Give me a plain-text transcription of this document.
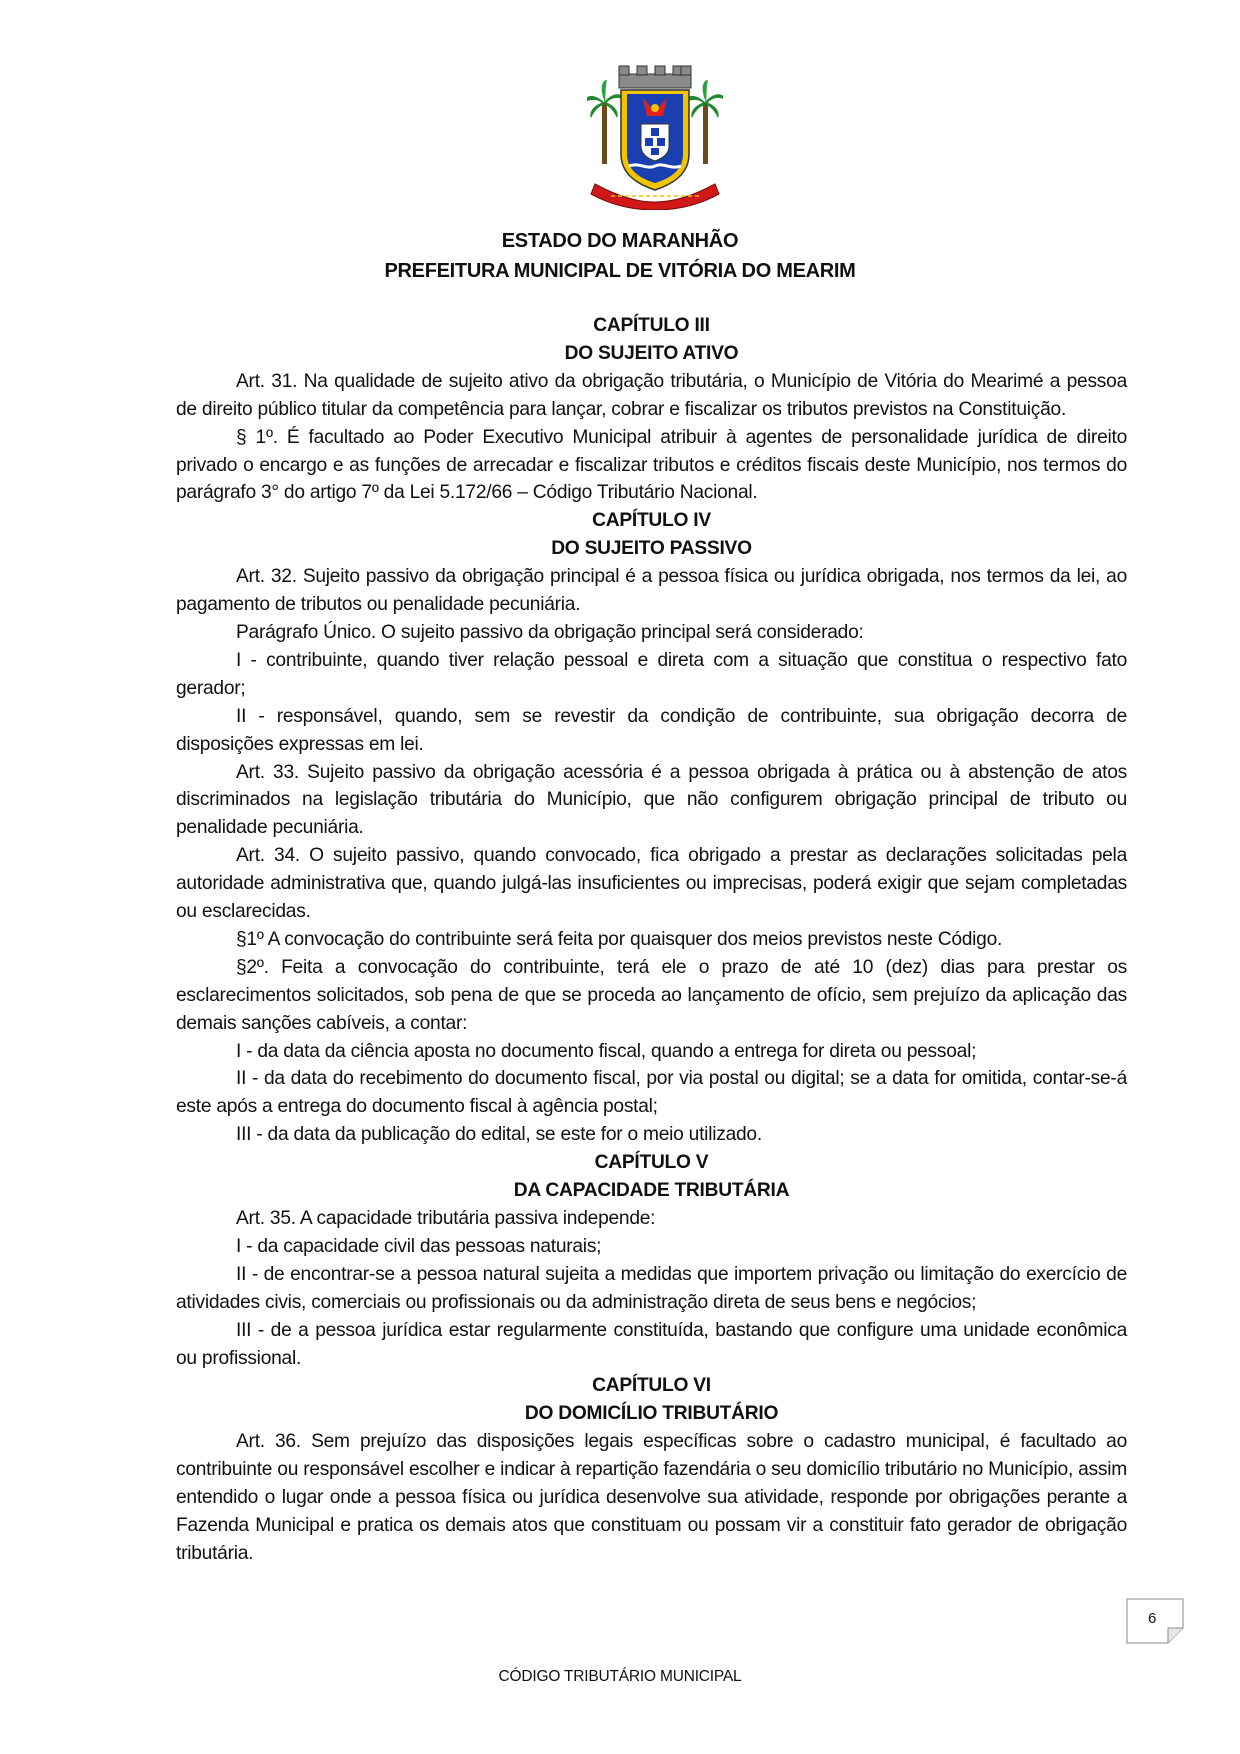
ESTADO DO MARANHÃO
PREFEITURA MUNICIPAL DE VITÓRIA DO MEARIM

CAPÍTULO III

DO SUJEITO ATIVO

Art. 31. Na qualidade de sujeito ativo da obrigação tributária, o Município de Vitória do Mearimé a pessoa de direito público titular da competência para lançar, cobrar e fiscalizar os tributos previstos na Constituição.

§ 1º. É facultado ao Poder Executivo Municipal atribuir à agentes de personalidade jurídica de direito privado o encargo e as funções de arrecadar e fiscalizar tributos e créditos fiscais deste Município, nos termos do parágrafo 3° do artigo 7º da Lei 5.172/66 – Código Tributário Nacional.

CAPÍTULO IV

DO SUJEITO PASSIVO

Art. 32. Sujeito passivo da obrigação principal é a pessoa física ou jurídica obrigada, nos termos da lei, ao pagamento de tributos ou penalidade pecuniária.

Parágrafo Único. O sujeito passivo da obrigação principal será considerado:

I - contribuinte, quando tiver relação pessoal e direta com a situação que constitua o respectivo fato gerador;

II - responsável, quando, sem se revestir da condição de contribuinte, sua obrigação decorra de disposições expressas em lei.

Art. 33. Sujeito passivo da obrigação acessória é a pessoa obrigada à prática ou à abstenção de atos discriminados na legislação tributária do Município, que não configurem obrigação principal de tributo ou penalidade pecuniária.

Art. 34. O sujeito passivo, quando convocado, fica obrigado a prestar as declarações solicitadas pela autoridade administrativa que, quando julgá-las insuficientes ou imprecisas, poderá exigir que sejam completadas ou esclarecidas.

§1º A convocação do contribuinte será feita por quaisquer dos meios previstos neste Código.

§2º. Feita a convocação do contribuinte, terá ele o prazo de até 10 (dez) dias para prestar os esclarecimentos solicitados, sob pena de que se proceda ao lançamento de ofício, sem prejuízo da aplicação das demais sanções cabíveis, a contar:

I - da data da ciência aposta no documento fiscal, quando a entrega for direta ou pessoal;

II - da data do recebimento do documento fiscal, por via postal ou digital; se a data for omitida, contar-se-á este após a entrega do documento fiscal à agência postal;

III - da data da publicação do edital, se este for o meio utilizado.

CAPÍTULO V

DA CAPACIDADE TRIBUTÁRIA

Art. 35. A capacidade tributária passiva independe:

I - da capacidade civil das pessoas naturais;

II - de encontrar-se a pessoa natural sujeita a medidas que importem privação ou limitação do exercício de atividades civis, comerciais ou profissionais ou da administração direta de seus bens e negócios;

III - de a pessoa jurídica estar regularmente constituída, bastando que configure uma unidade econômica ou profissional.

CAPÍTULO VI

DO DOMICÍLIO TRIBUTÁRIO

Art. 36. Sem prejuízo das disposições legais específicas sobre o cadastro municipal, é facultado ao contribuinte ou responsável escolher e indicar à repartição fazendária o seu domicílio tributário no Município, assim entendido o lugar onde a pessoa física ou jurídica desenvolve sua atividade, responde por obrigações perante a Fazenda Municipal e pratica os demais atos que constituam ou possam vir a constituir fato gerador de obrigação tributária.

6
CÓDIGO TRIBUTÁRIO MUNICIPAL
